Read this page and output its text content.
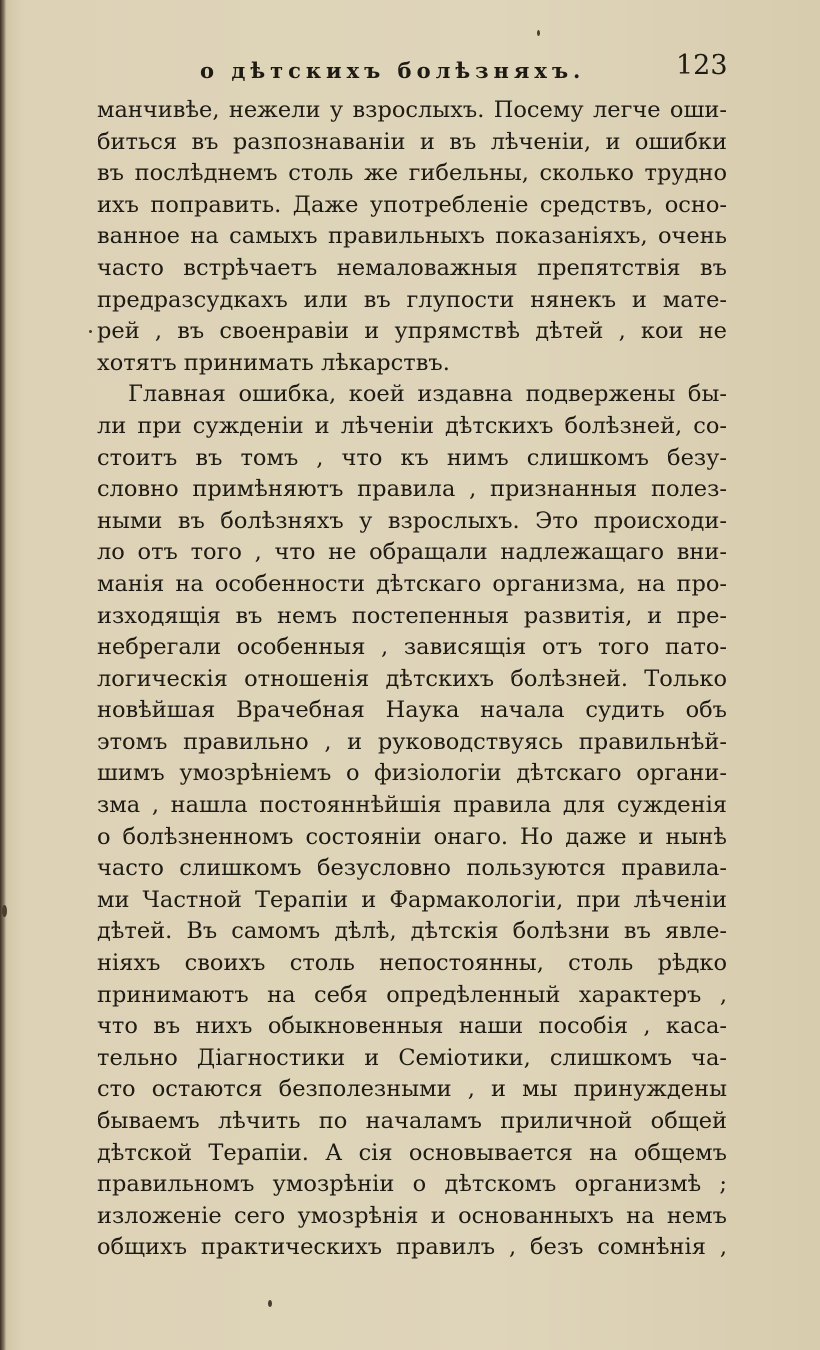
о дѣтскихъ болѣзняхъ.	123
манчивѣе, нежели у взрослыхъ. Посему легче оши-
биться въ разпознаваніи и въ лѣченіи, и ошибки
въ послѣднемъ столь же гибельны, сколько трудно
ихъ поправить. Даже употребленіе средствъ, осно-
ванное на самыхъ правильныхъ показаніяхъ, очень
часто встрѣчаетъ немаловажныя препятствія въ
предразсудкахъ или въ глупости нянекъ и мате-
рей , въ своенравіи и упрямствѣ дѣтей , кои не
хотятъ принимать лѣкарствъ.
Главная ошибка, коей издавна подвержены бы-
ли при сужденіи и лѣченіи дѣтскихъ болѣзней, со-
стоитъ въ томъ , что къ нимъ слишкомъ безу-
словно примѣняютъ правила , признанныя полез-
ными въ болѣзняхъ у взрослыхъ. Это происходи-
ло отъ того , что не обращали надлежащаго вни-
манія на особенности дѣтскаго организма, на про-
изходящія въ немъ постепенныя развитія, и пре-
небрегали особенныя , зависящія отъ того пато-
логическія отношенія дѣтскихъ болѣзней. Только
новѣйшая Врачебная Наука начала судить объ
этомъ правильно , и руководствуясь правильнѣй-
шимъ умозрѣніемъ о физіологіи дѣтскаго органи-
зма , нашла постояннѣйшія правила для сужденія
о болѣзненномъ состояніи онаго. Но даже и нынѣ
часто слишкомъ безусловно пользуются правила-
ми Частной Терапіи и Фармакологіи, при лѣченіи
дѣтей. Въ самомъ дѣлѣ, дѣтскія болѣзни въ явле-
ніяхъ своихъ столь непостоянны, столь рѣдко
принимаютъ на себя опредѣленный характеръ ,
что въ нихъ обыкновенныя наши пособія , каса-
тельно Діагностики и Семіотики, слишкомъ ча-
сто остаются безполезными , и мы принуждены
бываемъ лѣчить по началамъ приличной общей
дѣтской Терапіи. А сія основывается на общемъ
правильномъ умозрѣніи о дѣтскомъ организмѣ ;
изложеніе сего умозрѣнія и основанныхъ на немъ
общихъ практическихъ правилъ , безъ сомнѣнія ,
